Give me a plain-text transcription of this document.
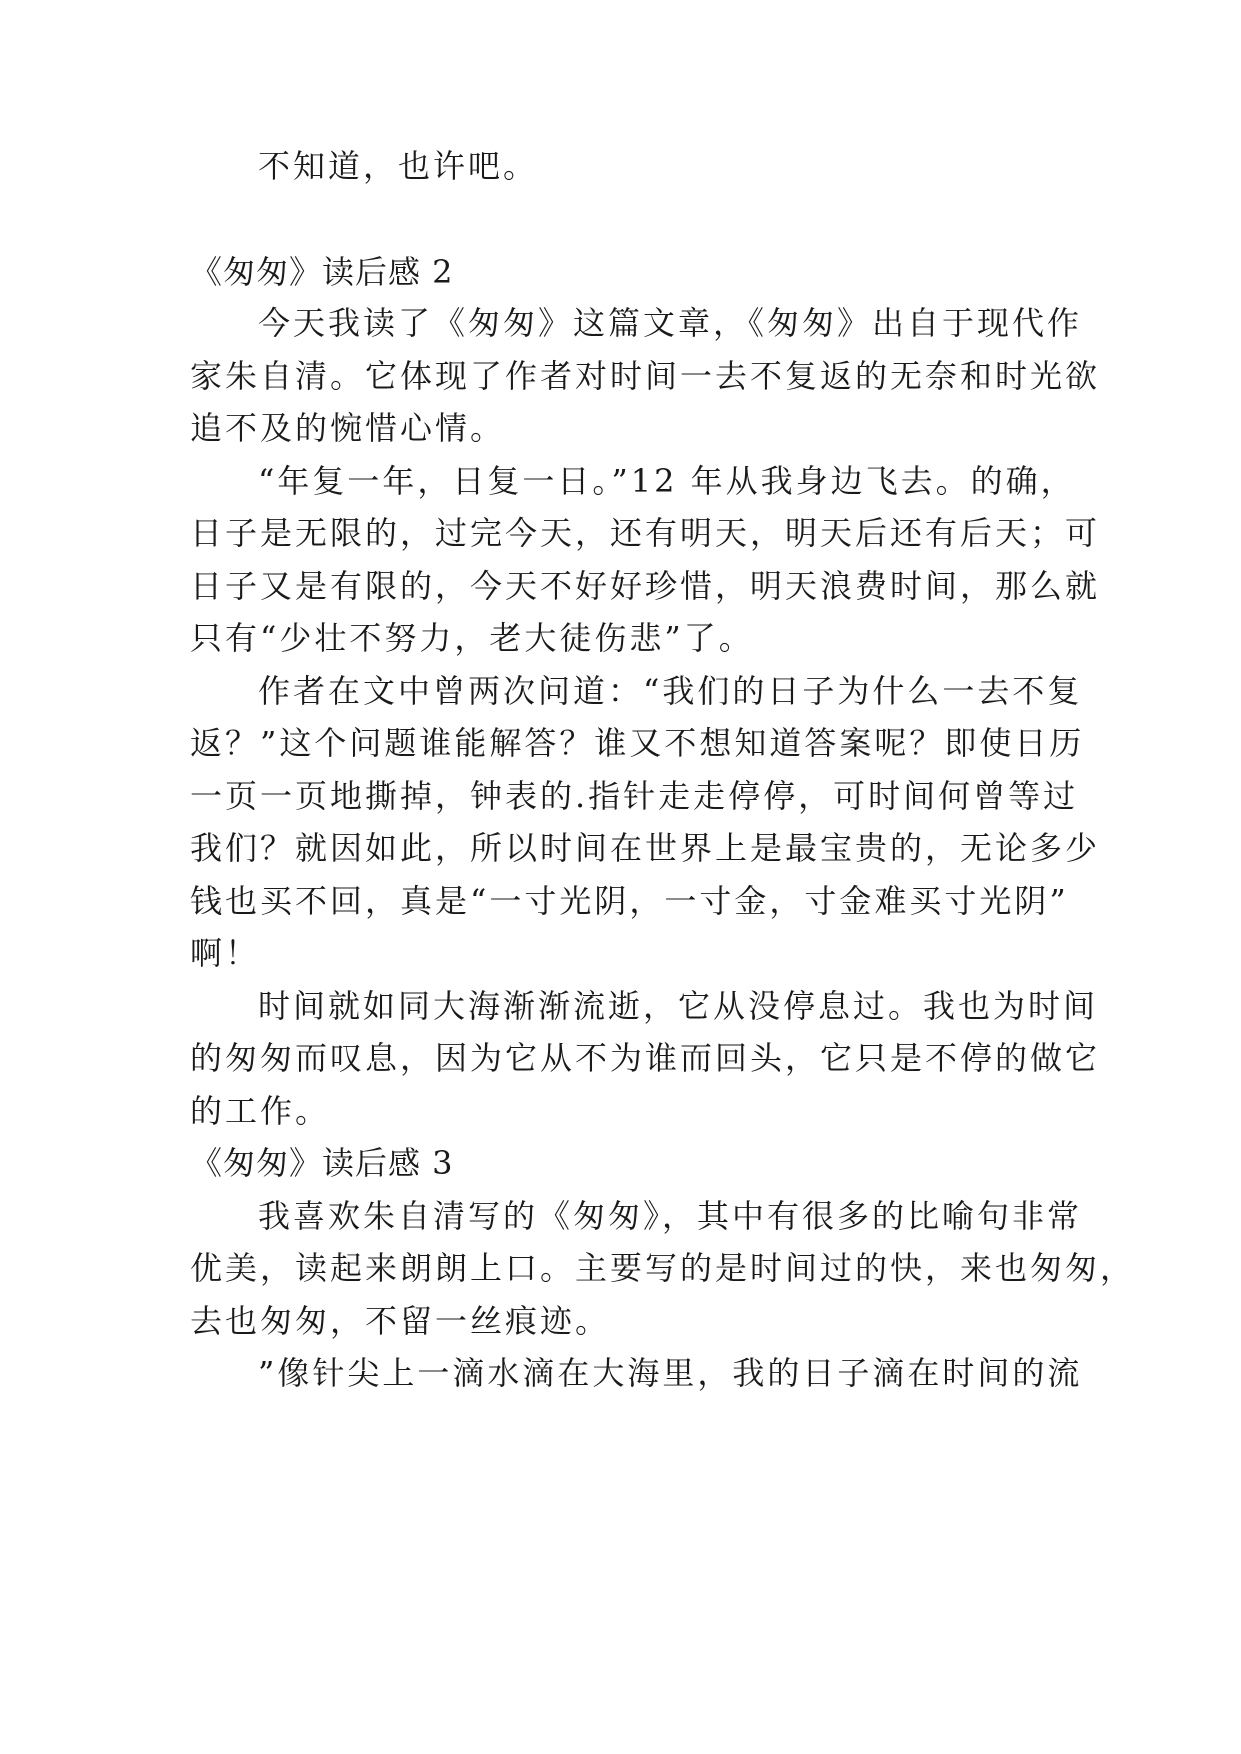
不知道，也许吧。
《匆匆》读后感 2
今天我读了《匆匆》这篇文章，《匆匆》出自于现代作
家朱自清。它体现了作者对时间一去不复返的无奈和时光欲
追不及的惋惜心情。
“年复一年，日复一日。”12 年从我身边飞去。的确，
日子是无限的，过完今天，还有明天，明天后还有后天；可
日子又是有限的，今天不好好珍惜，明天浪费时间，那么就
只有“少壮不努力，老大徒伤悲”了。
作者在文中曾两次问道：“我们的日子为什么一去不复
返？”这个问题谁能解答？谁又不想知道答案呢？即使日历
一页一页地撕掉，钟表的.指针走走停停，可时间何曾等过
我们？就因如此，所以时间在世界上是最宝贵的，无论多少
钱也买不回，真是“一寸光阴，一寸金，寸金难买寸光阴”
啊！
时间就如同大海渐渐流逝，它从没停息过。我也为时间
的匆匆而叹息，因为它从不为谁而回头，它只是不停的做它
的工作。
《匆匆》读后感 3
我喜欢朱自清写的《匆匆》，其中有很多的比喻句非常
优美，读起来朗朗上口。主要写的是时间过的快，来也匆匆，
去也匆匆，不留一丝痕迹。
”像针尖上一滴水滴在大海里，我的日子滴在时间的流
